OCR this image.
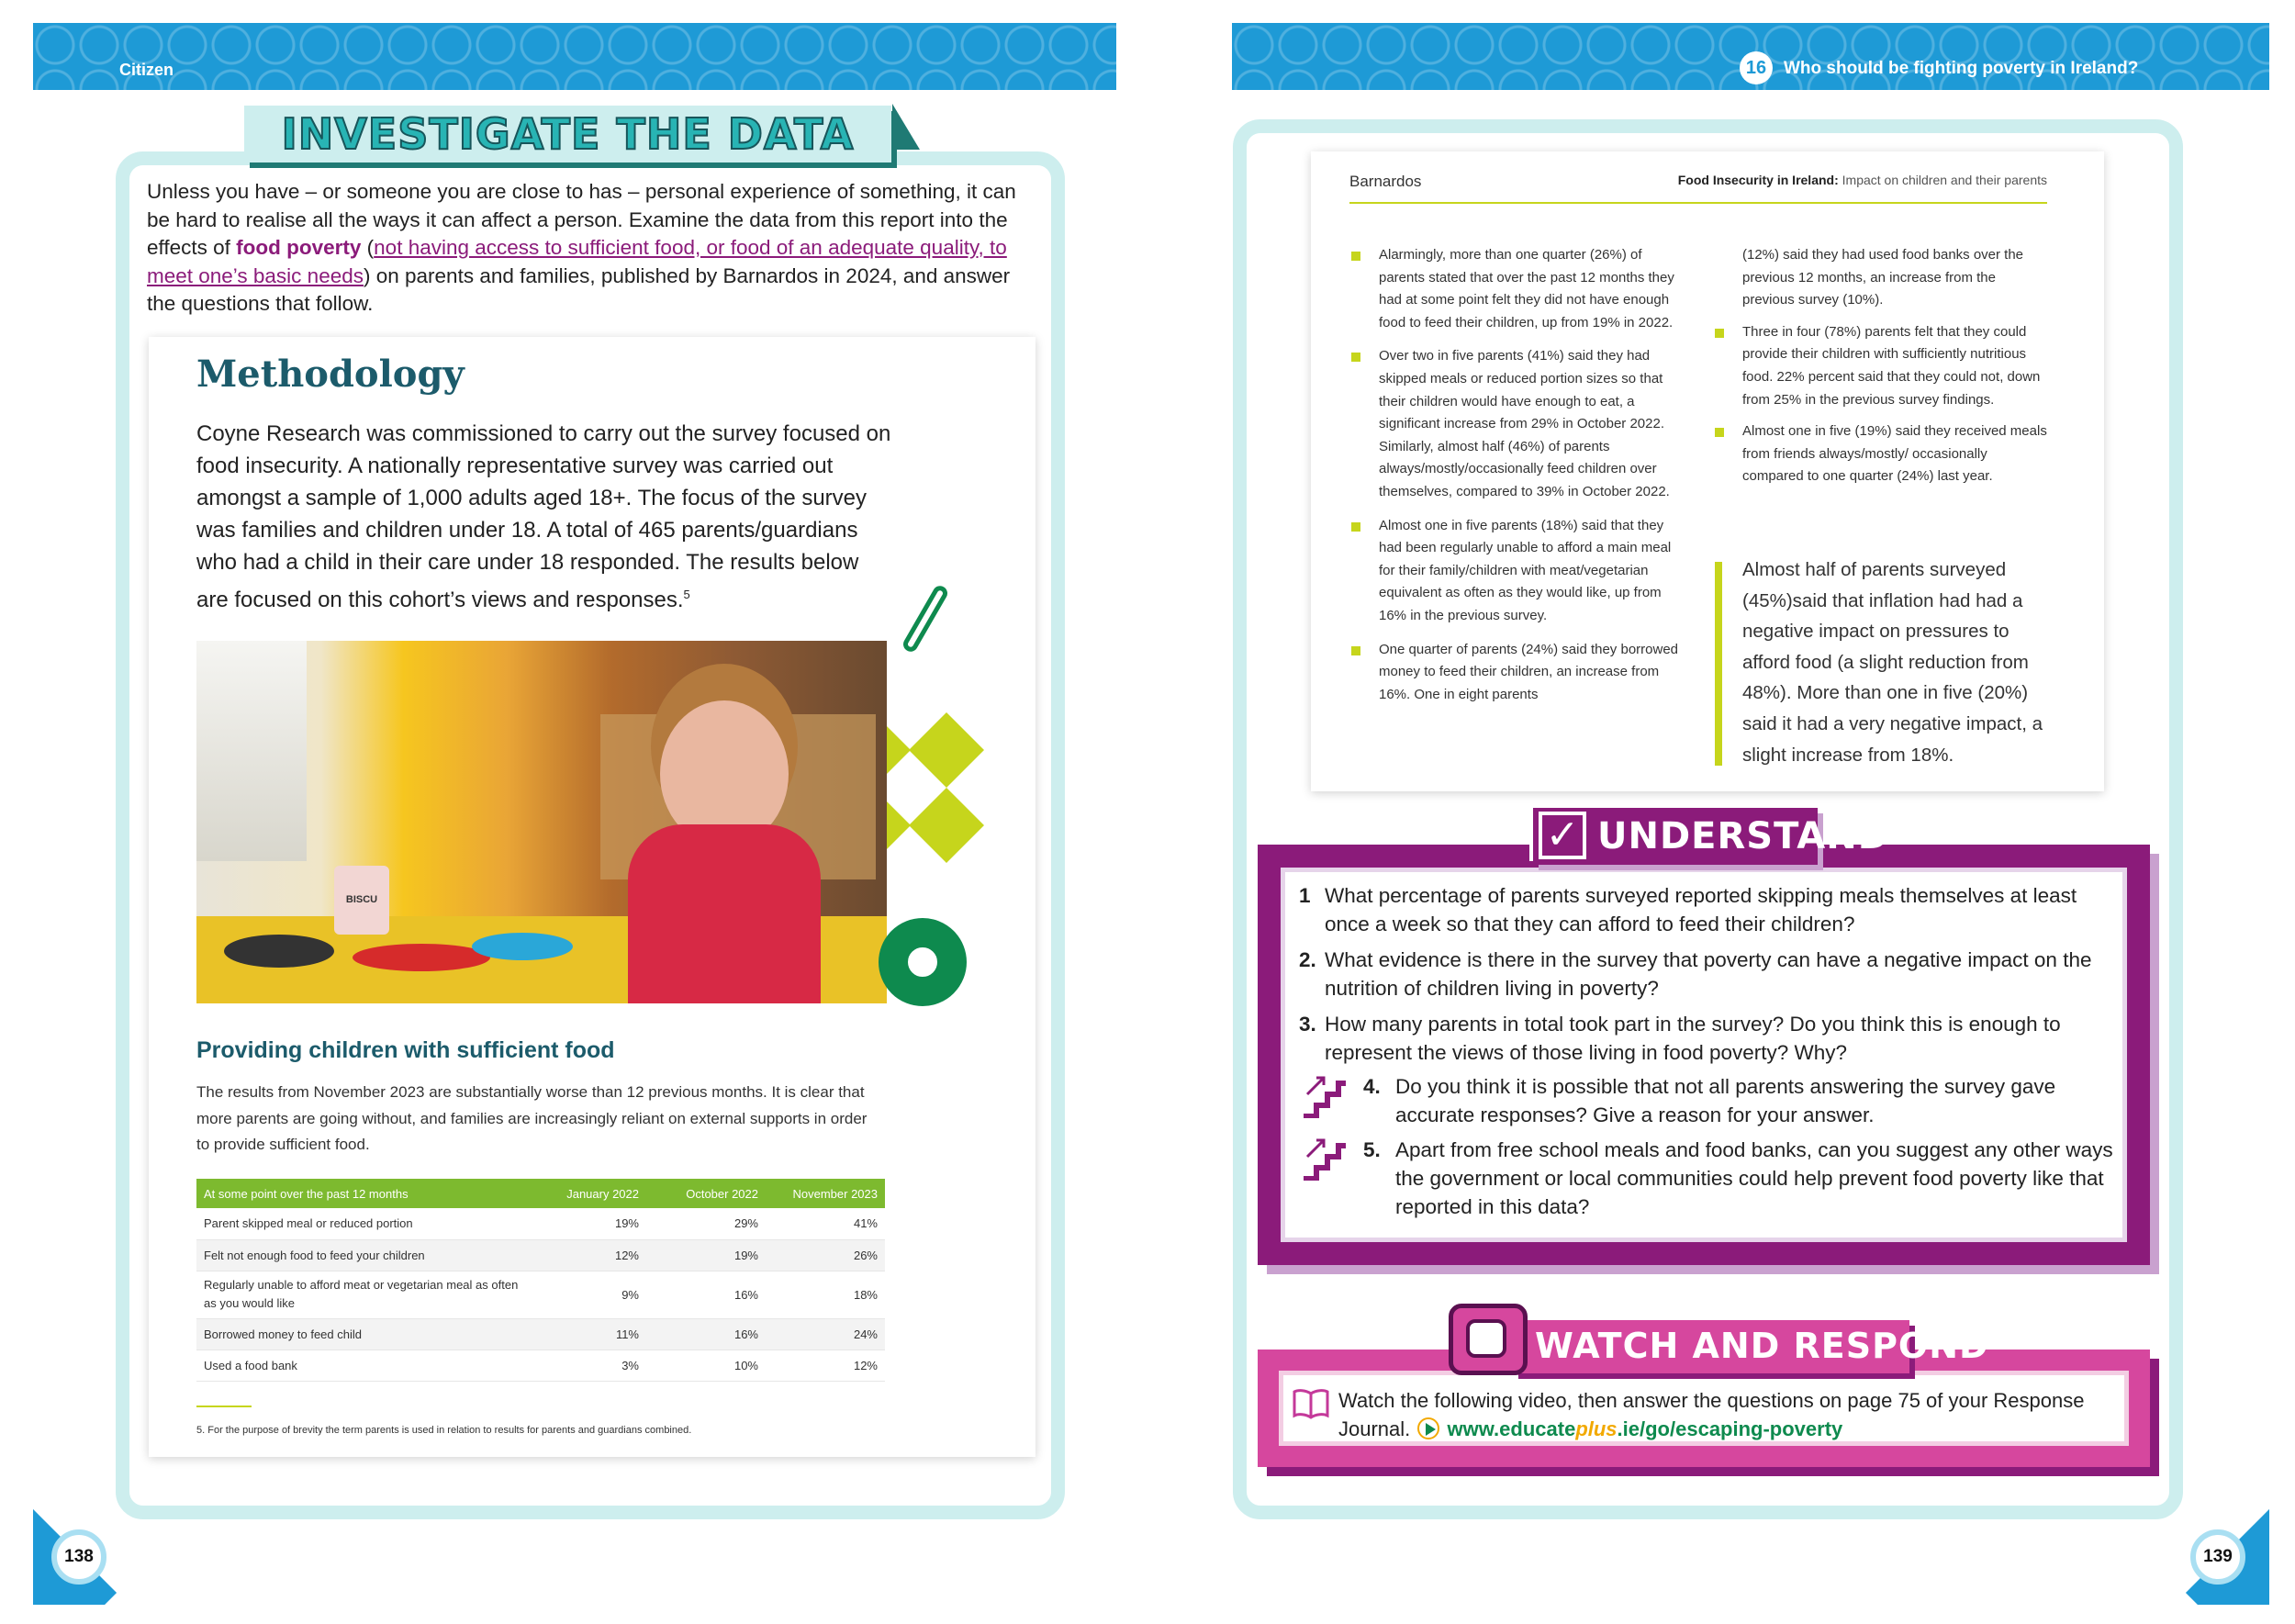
Citizen	16 Who should be fighting poverty in Ireland?
138	139
INVESTIGATE THE DATA
Unless you have – or someone you are close to has – personal experience of something, it can be hard to realise all the ways it can affect a person. Examine the data from this report into the effects of food poverty (not having access to sufficient food, or food of an adequate quality, to meet one’s basic needs) on parents and families, published by Barnardos in 2024, and answer the questions that follow.
Methodology
Coyne Research was commissioned to carry out the survey focused on food insecurity. A nationally representative survey was carried out amongst a sample of 1,000 adults aged 18+. The focus of the survey was families and children under 18. A total of 465 parents/guardians who had a child in their care under 18 responded. The results below are focused on this cohort’s views and responses.$^5$
BISCU
Providing children with sufficient food
The results from November 2023 are substantially worse than 12 previous months. It is clear that more parents are going without, and families are increasingly reliant on external supports in order to provide sufficient food.
At some point over the past 12 months	January 2022	October 2022	November 2023
Parent skipped meal or reduced portion	19%	29%	41%
Felt not enough food to feed your children	12%	19%	26%
Regularly unable to afford meat or vegetarian meal as often as you would like	9%	16%	18%
Borrowed money to feed child	11%	16%	24%
Used a food bank	3%	10%	12%
5. For the purpose of brevity the term parents is used in relation to results for parents and guardians combined.
Barnardos	Food Insecurity in Ireland: Impact on children and their parents
Alarmingly, more than one quarter (26%) of parents stated that over the past 12 months they had at some point felt they did not have enough food to feed their children, up from 19% in 2022.
Over two in five parents (41%) said they had skipped meals or reduced portion sizes so that their children would have enough to eat, a significant increase from 29% in October 2022. Similarly, almost half (46%) of parents always/mostly/occasionally feed children over themselves, compared to 39% in October 2022.
Almost one in five parents (18%) said that they had been regularly unable to afford a main meal for their family/children with meat/vegetarian equivalent as often as they would like, up from 16% in the previous survey.
One quarter of parents (24%) said they borrowed money to feed their children, an increase from 16%. One in eight parents
(12%) said they had used food banks over the previous 12 months, an increase from the previous survey (10%).
Three in four (78%) parents felt that they could provide their children with sufficiently nutritious food. 22% percent said that they could not, down from 25% in the previous survey findings.
Almost one in five (19%) said they received meals from friends always/mostly/ occasionally compared to one quarter (24%) last year.
Almost half of parents surveyed (45%)said that inflation had had a negative impact on pressures to afford food (a slight reduction from 48%). More than one in five (20%) said it had a very negative impact, a slight increase from 18%.
✓ UNDERSTAND
1 What percentage of parents surveyed reported skipping meals themselves at least once a week so that they can afford to feed their children?
2. What evidence is there in the survey that poverty can have a negative impact on the nutrition of children living in poverty?
3. How many parents in total took part in the survey? Do you think this is enough to represent the views of those living in food poverty? Why?
4. Do you think it is possible that not all parents answering the survey gave accurate responses? Give a reason for your answer.
5. Apart from free school meals and food banks, can you suggest any other ways the government or local communities could help prevent food poverty like that reported in this data?
WATCH AND RESPOND
Watch the following video, then answer the questions on page 75 of your Response Journal. www.educateplus.ie/go/escaping-poverty
